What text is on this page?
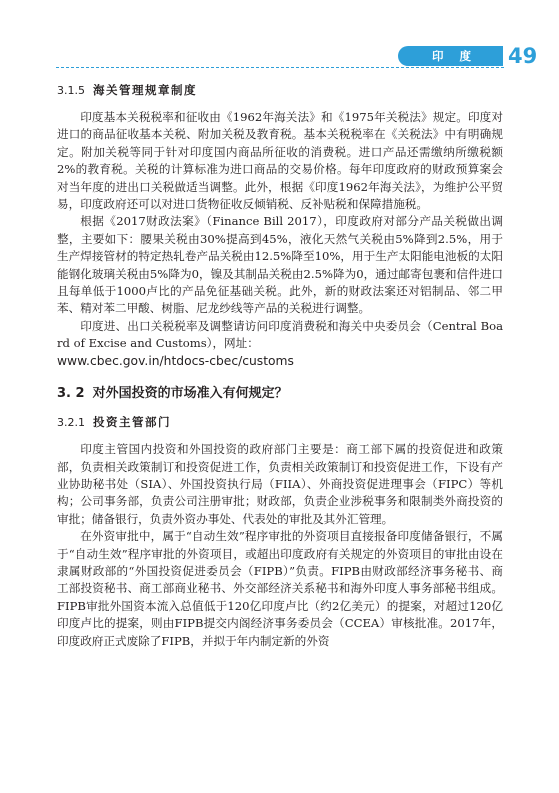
印 度 49
3.1.5 海关管理规章制度

印度基本关税税率和征收由《1962年海关法》和《1975年关税法》规定。印度对进口的商品征收基本关税、附加关税及教育税。基本关税税率在《关税法》中有明确规定。附加关税等同于针对印度国内商品所征收的消费税。进口产品还需缴纳所缴税额2%的教育税。关税的计算标准为进口商品的交易价格。每年印度政府的财政预算案会对当年度的进出口关税做适当调整。此外，根据《印度1962年海关法》，为维护公平贸易，印度政府还可以对进口货物征收反倾销税、反补贴税和保障措施税。

根据《2017财政法案》（Finance Bill 2017），印度政府对部分产品关税做出调整，主要如下：腰果关税由30%提高到45%，液化天然气关税由5%降到2.5%，用于生产焊接管材的特定热轧卷产品关税由12.5%降至10%，用于生产太阳能电池板的太阳能钢化玻璃关税由5%降为0，镍及其制品关税由2.5%降为0，通过邮寄包裹和信件进口且每单低于1000卢比的产品免征基础关税。此外，新的财政法案还对铝制品、邻二甲苯、精对苯二甲酸、树脂、尼龙纱线等产品的关税进行调整。

印度进、出口关税税率及调整请访问印度消费税和海关中央委员会（Central Board of Excise and Customs），网址：

www.cbec.gov.in/htdocs-cbec/customs
3. 2 对外国投资的市场准入有何规定？
3.2.1 投资主管部门

印度主管国内投资和外国投资的政府部门主要是：商工部下属的投资促进和政策部，负责相关政策制订和投资促进工作，负责相关政策制订和投资促进工作，下设有产业协助秘书处（SIA）、外国投资执行局（FIIA）、外商投资促进理事会（FIPC）等机构；公司事务部，负责公司注册审批；财政部，负责企业涉税事务和限制类外商投资的审批；储备银行，负责外资办事处、代表处的审批及其外汇管理。

在外资审批中，属于“自动生效”程序审批的外资项目直接报备印度储备银行，不属于“自动生效”程序审批的外资项目，或超出印度政府有关规定的外资项目的审批由设在隶属财政部的“外国投资促进委员会（FIPB）”负责。FIPB由财政部经济事务秘书、商工部投资秘书、商工部商业秘书、外交部经济关系秘书和海外印度人事务部秘书组成。FIPB审批外国资本流入总值低于120亿印度卢比（约2亿美元）的提案，对超过120亿印度卢比的提案，则由FIPB提交内阁经济事务委员会（CCEA）审核批准。2017年，印度政府正式废除了FIPB，并拟于年内制定新的外资
